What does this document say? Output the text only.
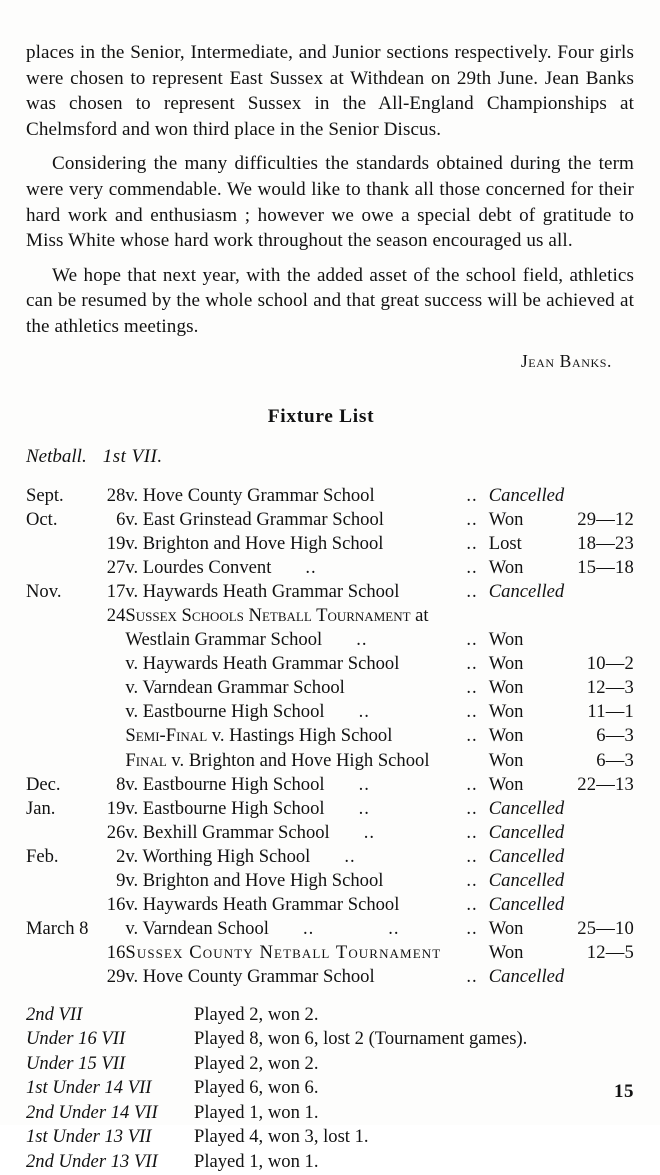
places in the Senior, Intermediate, and Junior sections respectively. Four girls were chosen to represent East Sussex at Withdean on 29th June. Jean Banks was chosen to represent Sussex in the All-England Championships at Chelmsford and won third place in the Senior Discus.

Considering the many difficulties the standards obtained during the term were very commendable. We would like to thank all those concerned for their hard work and enthusiasm ; however we owe a special debt of gratitude to Miss White whose hard work throughout the season encouraged us all.

We hope that next year, with the added asset of the school field, athletics can be resumed by the whole school and that great success will be achieved at the athletics meetings.

Jean Banks.
Fixture List
Netball. 1st VII.
Sept.	28	v. Hove County Grammar School	..	Cancelled	
Oct.	6	v. East Grinstead Grammar School	..	Won	29—12
	19	v. Brighton and Hove High School	..	Lost	18—23
	27	v. Lourdes Convent ..	..	Won	15—18
Nov.	17	v. Haywards Heath Grammar School	..	Cancelled	
	24	Sussex Schools Netball Tournament at			
		Westlain Grammar School ..	..	Won	
		v. Haywards Heath Grammar School	..	Won	10—2
		v. Varndean Grammar School	..	Won	12—3
		v. Eastbourne High School ..	..	Won	11—1
		Semi-Final v. Hastings High School	..	Won	6—3
		Final v. Brighton and Hove High School		Won	6—3
Dec.	8	v. Eastbourne High School ..	..	Won	22—13
Jan.	19	v. Eastbourne High School ..	..	Cancelled	
	26	v. Bexhill Grammar School ..	..	Cancelled	
Feb.	2	v. Worthing High School ..	..	Cancelled	
	9	v. Brighton and Hove High School	..	Cancelled	
	16	v. Haywards Heath Grammar School	..	Cancelled	
March 8		v. Varndean School .. ..	..	Won	25—10
	16	Sussex County Netball Tournament		Won	12—5
	29	v. Hove County Grammar School	..	Cancelled	
2nd VII	Played 2, won 2.
Under 16 VII	Played 8, won 6, lost 2 (Tournament games).
Under 15 VII	Played 2, won 2.
1st Under 14 VII	Played 6, won 6.
2nd Under 14 VII	Played 1, won 1.
1st Under 13 VII	Played 4, won 3, lost 1.
2nd Under 13 VII	Played 1, won 1.
15
